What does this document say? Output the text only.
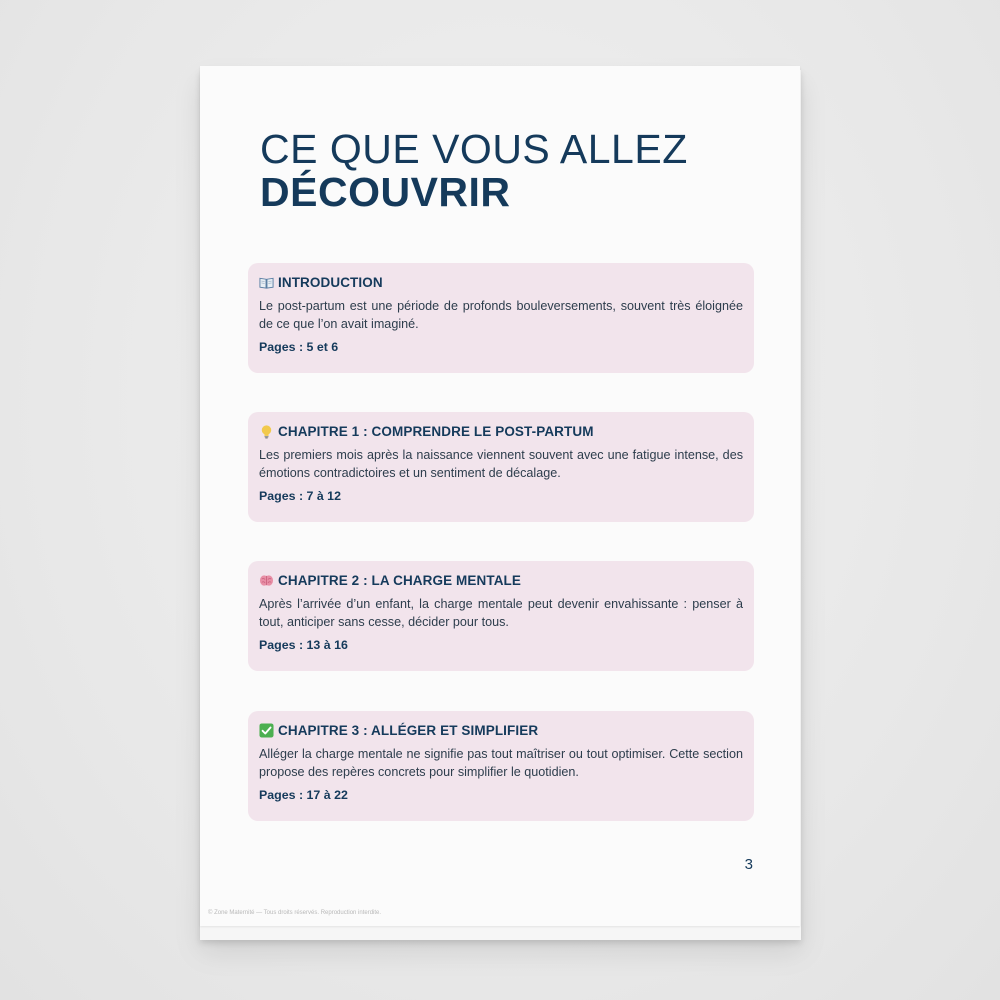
CE QUE VOUS ALLEZ
DÉCOUVRIR
INTRODUCTION
Le post-partum est une période de profonds bouleversements, souvent très éloignée de ce que l’on avait imaginé.
Pages : 5 et 6
CHAPITRE 1 : COMPRENDRE LE POST-PARTUM
Les premiers mois après la naissance viennent souvent avec une fatigue intense, des émotions contradictoires et un sentiment de décalage.
Pages : 7 à 12
CHAPITRE 2 : LA CHARGE MENTALE
Après l’arrivée d’un enfant, la charge mentale peut devenir envahissante : penser à tout, anticiper sans cesse, décider pour tous.
Pages : 13 à 16
CHAPITRE 3 : ALLÉGER ET SIMPLIFIER
Alléger la charge mentale ne signifie pas tout maîtriser ou tout optimiser. Cette section propose des repères concrets pour simplifier le quotidien.
Pages : 17 à 22
3
© Zone Maternité — Tous droits réservés. Reproduction interdite.
